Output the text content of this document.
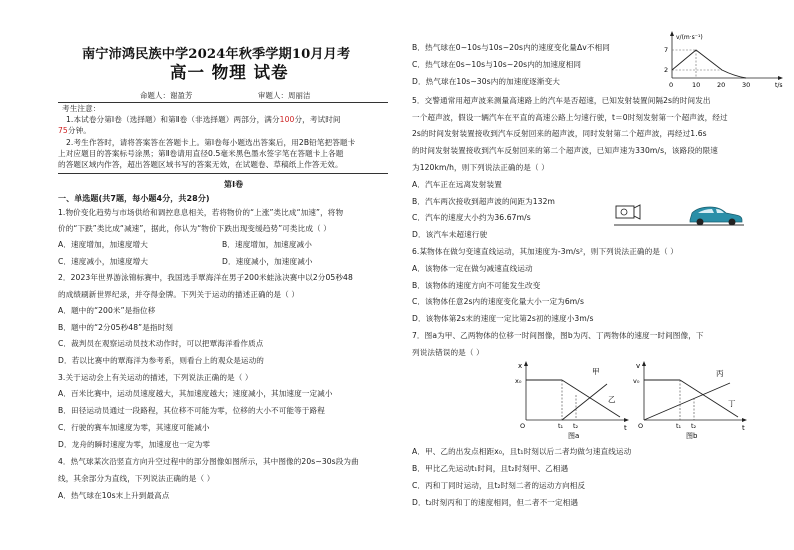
南宁沛鸿民族中学2024年秋季学期10月月考
高一 物理 试卷
命题人：谢盈芳	审题人：周丽洁
考生注意：
1.本试卷分第Ⅰ卷（选择题）和第Ⅱ卷（非选择题）两部分，满分100分，考试时间
75分钟。
2.考生作答时，请将答案答在答题卡上。第Ⅰ卷每小题选出答案后，用2B铅笔把答题卡
上对应题目的答案标号涂黑；第Ⅱ卷请用直径0.5毫米黑色墨水签字笔在答题卡上各题
的答题区域内作答，超出答题区域书写的答案无效，在试题卷、草稿纸上作答无效。
第Ⅰ卷
一、单选题(共7题，每小题4分，共28分)
1.物价变化趋势与市场供给和调控息息相关，若将物价的“上涨”类比成“加速”，将物
价的“下跌”类比成“减速”，据此，你认为“物价下跌出现变缓趋势”可类比成（ ）
A．速度增加，加速度增大	B．速度增加，加速度减小
C．速度减小，加速度增大	D．速度减小，加速度减小
2．2023年世界游泳锦标赛中，我国选手覃海洋在男子200米蛙泳决赛中以2分05秒48
的成绩刷新世界纪录，并夺得金牌。下列关于运动的描述正确的是（ ）
A．题中的“200米”是指位移
B．题中的“2分05秒48”是指时刻
C．裁判员在观察运动员技术动作时，可以把覃海洋看作质点
D．若以比赛中的覃海洋为参考系，则看台上的观众是运动的
3.关于运动会上有关运动的描述，下列说法正确的是（ ）
A．百米比赛中，运动员速度越大，其加速度越大；速度减小，其加速度一定减小
B．田径运动员通过一段路程，其位移不可能为零，位移的大小不可能等于路程
C．行驶的赛车加速度为零，其速度可能减小
D．龙舟的瞬时速度为零，加速度也一定为零
4．热气球某次沿竖直方向升空过程中的部分图像如图所示，其中图像的20s~30s段为曲
线，其余部分为直线，下列说法正确的是（ ）
A．热气球在10s末上升到最高点
B．热气球在0~10s与10s~20s内的速度变化量Δv不相同
C．热气球在0s~10s与10s~20s内的加速度相同
D．热气球在10s~30s内的加速度逐渐变大
v/(m·s⁻¹)
t/s
2
7
0	10	20	30
5．交警通常用超声波来测量高速路上的汽车是否超速，已知发射装置间隔2s的时间发出
一个超声波，假设一辆汽车在平直的高速公路上匀速行驶，t＝0时刻发射第一个超声波，经过
2s的时间发射装置接收到汽车反射回来的超声波，同时发射第二个超声波，再经过1.6s
的时间发射装置接收到汽车反射回来的第二个超声波，已知声速为330m/s，该路段的限速
为120km/h，则下列说法正确的是（ ）
A．汽车正在远离发射装置
B．汽车两次接收到超声波的间距为132m
C．汽车的速度大小约为36.67m/s
D．该汽车未超速行驶
6.某物体在做匀变速直线运动，其加速度为-3m/s²，则下列说法正确的是（ ）
A．该物体一定在做匀减速直线运动
B．该物体的速度方向不可能发生改变
C．该物体任意2s内的速度变化量大小一定为6m/s
D．该物体第2s末的速度一定比第2s初的速度小3m/s
7．图a为甲、乙两物体的位移一时间图像，图b为丙、丁两物体的速度一时间图像，下
列说法错误的是（ ）
x
t
x₀
O	t₁ t₂
甲
乙
图a
v
t
v₀
O	t₁ t₂
丙
丁
图b
A．甲、乙的出发点相距x₀，且t₁时刻以后二者均做匀速直线运动
B．甲比乙先运动t₁时间，且t₂时刻甲、乙相遇
C．丙和丁同时运动，且t₂时刻二者的运动方向相反
D．t₂时刻丙和丁的速度相同，但二者不一定相遇
